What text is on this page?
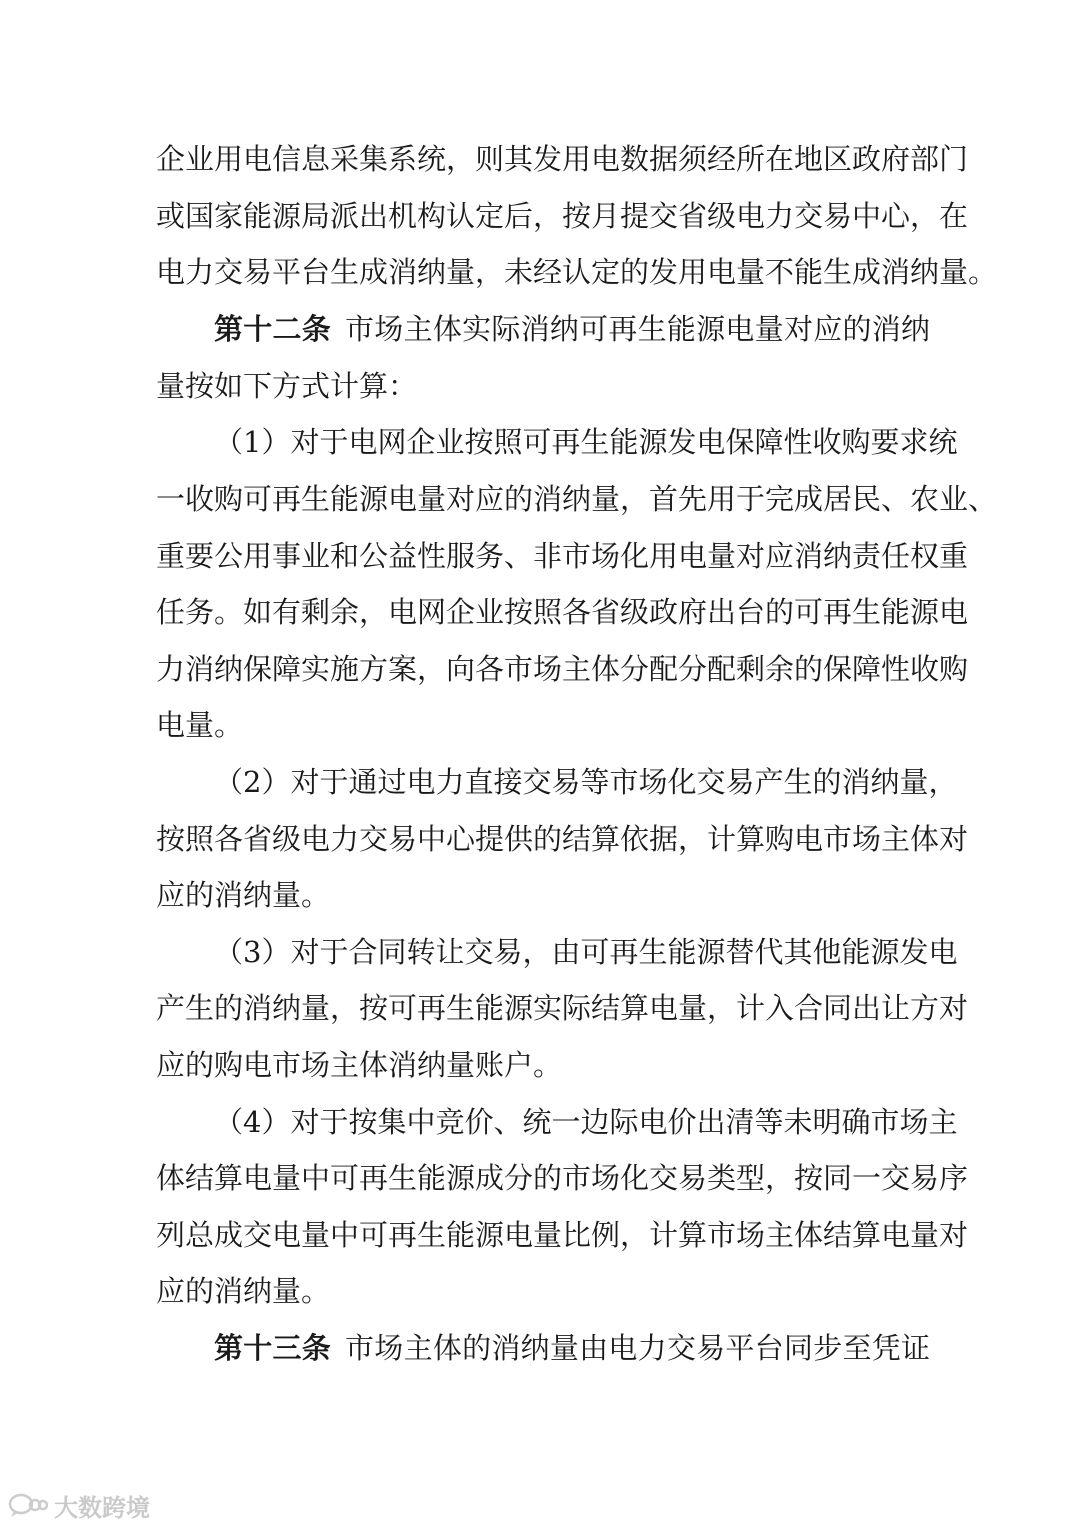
企业用电信息采集系统，则其发用电数据须经所在地区政府部门
或国家能源局派出机构认定后，按月提交省级电力交易中心，在
电力交易平台生成消纳量，未经认定的发用电量不能生成消纳量。
第十二条 市场主体实际消纳可再生能源电量对应的消纳
量按如下方式计算：
（1）对于电网企业按照可再生能源发电保障性收购要求统
一收购可再生能源电量对应的消纳量，首先用于完成居民、农业、
重要公用事业和公益性服务、非市场化用电量对应消纳责任权重
任务。如有剩余，电网企业按照各省级政府出台的可再生能源电
力消纳保障实施方案，向各市场主体分配分配剩余的保障性收购
电量。
（2）对于通过电力直接交易等市场化交易产生的消纳量，
按照各省级电力交易中心提供的结算依据，计算购电市场主体对
应的消纳量。
（3）对于合同转让交易，由可再生能源替代其他能源发电
产生的消纳量，按可再生能源实际结算电量，计入合同出让方对
应的购电市场主体消纳量账户。
（4）对于按集中竞价、统一边际电价出清等未明确市场主
体结算电量中可再生能源成分的市场化交易类型，按同一交易序
列总成交电量中可再生能源电量比例，计算市场主体结算电量对
应的消纳量。
第十三条 市场主体的消纳量由电力交易平台同步至凭证
大数跨境
